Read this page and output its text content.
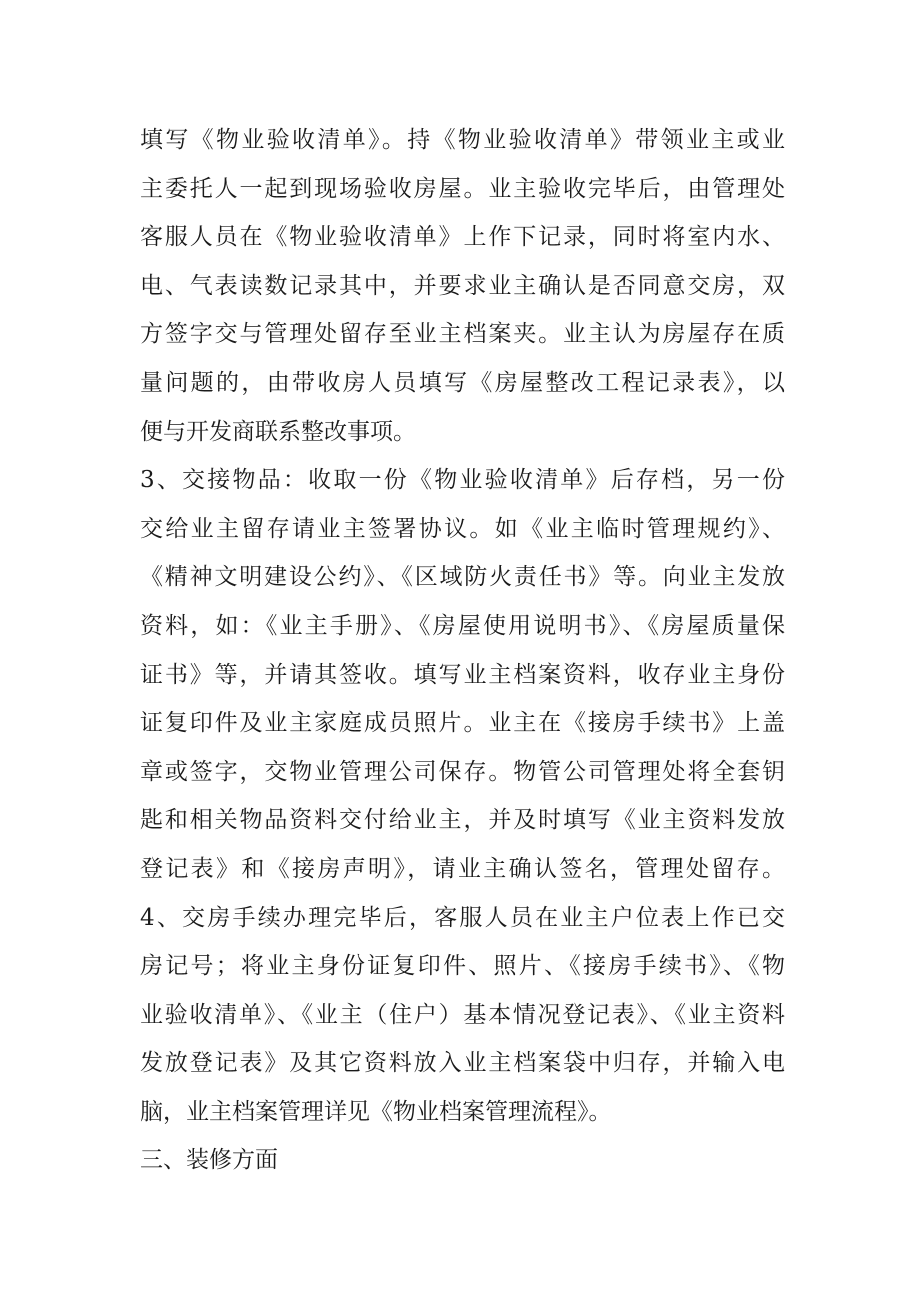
填写《物业验收清单》。持《物业验收清单》带领业主或业
主委托人一起到现场验收房屋。业主验收完毕后，由管理处
客服人员在《物业验收清单》上作下记录，同时将室内水、
电、气表读数记录其中，并要求业主确认是否同意交房，双
方签字交与管理处留存至业主档案夹。业主认为房屋存在质
量问题的，由带收房人员填写《房屋整改工程记录表》，以
便与开发商联系整改事项。
3、交接物品：收取一份《物业验收清单》后存档，另一份
交给业主留存请业主签署协议。如《业主临时管理规约》、
《精神文明建设公约》、《区域防火责任书》等。向业主发放
资料，如：《业主手册》、《房屋使用说明书》、《房屋质量保
证书》等，并请其签收。填写业主档案资料，收存业主身份
证复印件及业主家庭成员照片。业主在《接房手续书》上盖
章或签字，交物业管理公司保存。物管公司管理处将全套钥
匙和相关物品资料交付给业主，并及时填写《业主资料发放
登记表》和《接房声明》，请业主确认签名，管理处留存。
4、交房手续办理完毕后，客服人员在业主户位表上作已交
房记号；将业主身份证复印件、照片、《接房手续书》、《物
业验收清单》、《业主（住户）基本情况登记表》、《业主资料
发放登记表》及其它资料放入业主档案袋中归存，并输入电
脑，业主档案管理详见《物业档案管理流程》。
三、装修方面
